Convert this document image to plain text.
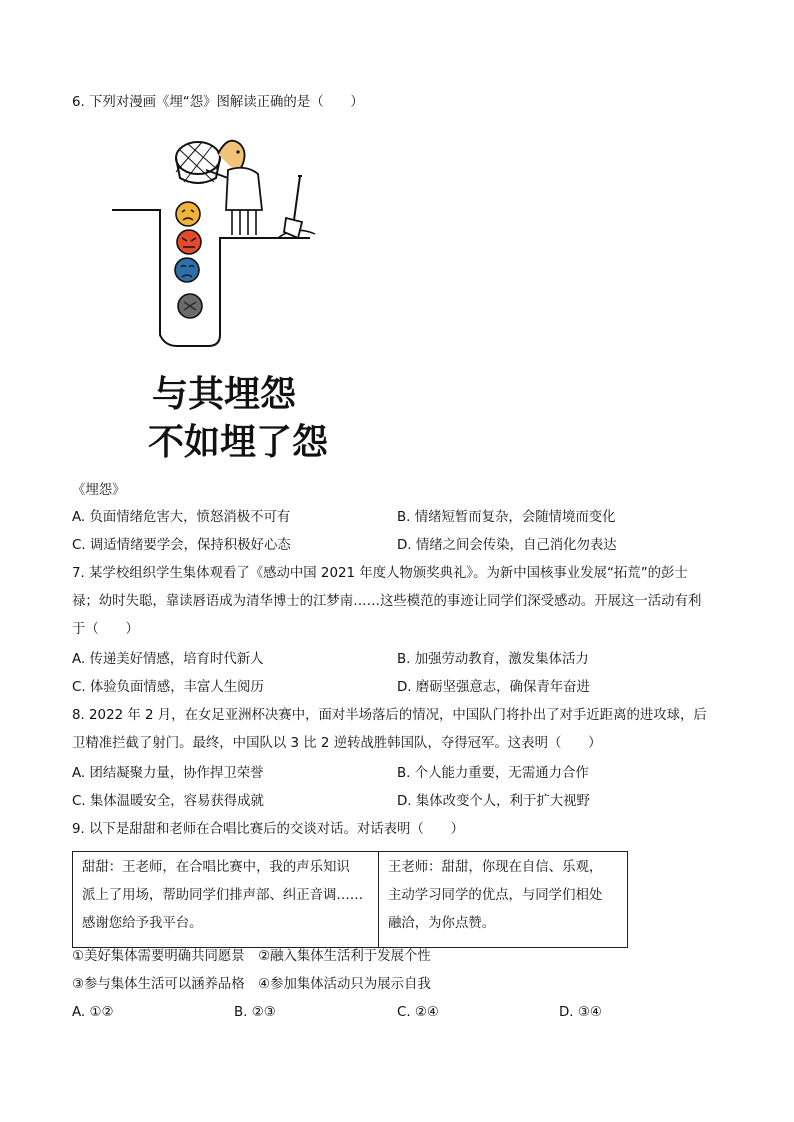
6. 下列对漫画《埋“怨》图解读正确的是（　　）
与其埋怨
不如埋了怨
《埋怨》
A. 负面情绪危害大，愤怒消极不可有	B. 情绪短暂而复杂，会随情境而变化
C. 调适情绪要学会，保持积极好心态	D. 情绪之间会传染，自己消化勿表达
7. 某学校组织学生集体观看了《感动中国 2021 年度人物颁奖典礼》。为新中国核事业发展“拓荒”的彭士
禄；幼时失聪，靠读唇语成为清华博士的江梦南……这些模范的事迹让同学们深受感动。开展这一活动有利
于（　　）
A. 传递美好情感，培育时代新人	B. 加强劳动教育，激发集体活力
C. 体验负面情感，丰富人生阅历	D. 磨砺坚强意志，确保青年奋进
8. 2022 年 2 月，在女足亚洲杯决赛中，面对半场落后的情况，中国队门将扑出了对手近距离的进攻球，后
卫精准拦截了射门。最终，中国队以 3 比 2 逆转战胜韩国队，夺得冠军。这表明（　　）
A. 团结凝聚力量，协作捍卫荣誉	B. 个人能力重要，无需通力合作
C. 集体温暖安全，容易获得成就	D. 集体改变个人，利于扩大视野
9. 以下是甜甜和老师在合唱比赛后的交谈对话。对话表明（　　）
甜甜：王老师，在合唱比赛中，我的声乐知识
派上了用场，帮助同学们排声部、纠正音调……
感谢您给予我平台。
王老师：甜甜，你现在自信、乐观，
主动学习同学的优点，与同学们相处
融洽，为你点赞。
①美好集体需要明确共同愿景　②融入集体生活利于发展个性
③参与集体生活可以涵养品格　④参加集体活动只为展示自我
A. ①②	B. ②③	C. ②④	D. ③④
